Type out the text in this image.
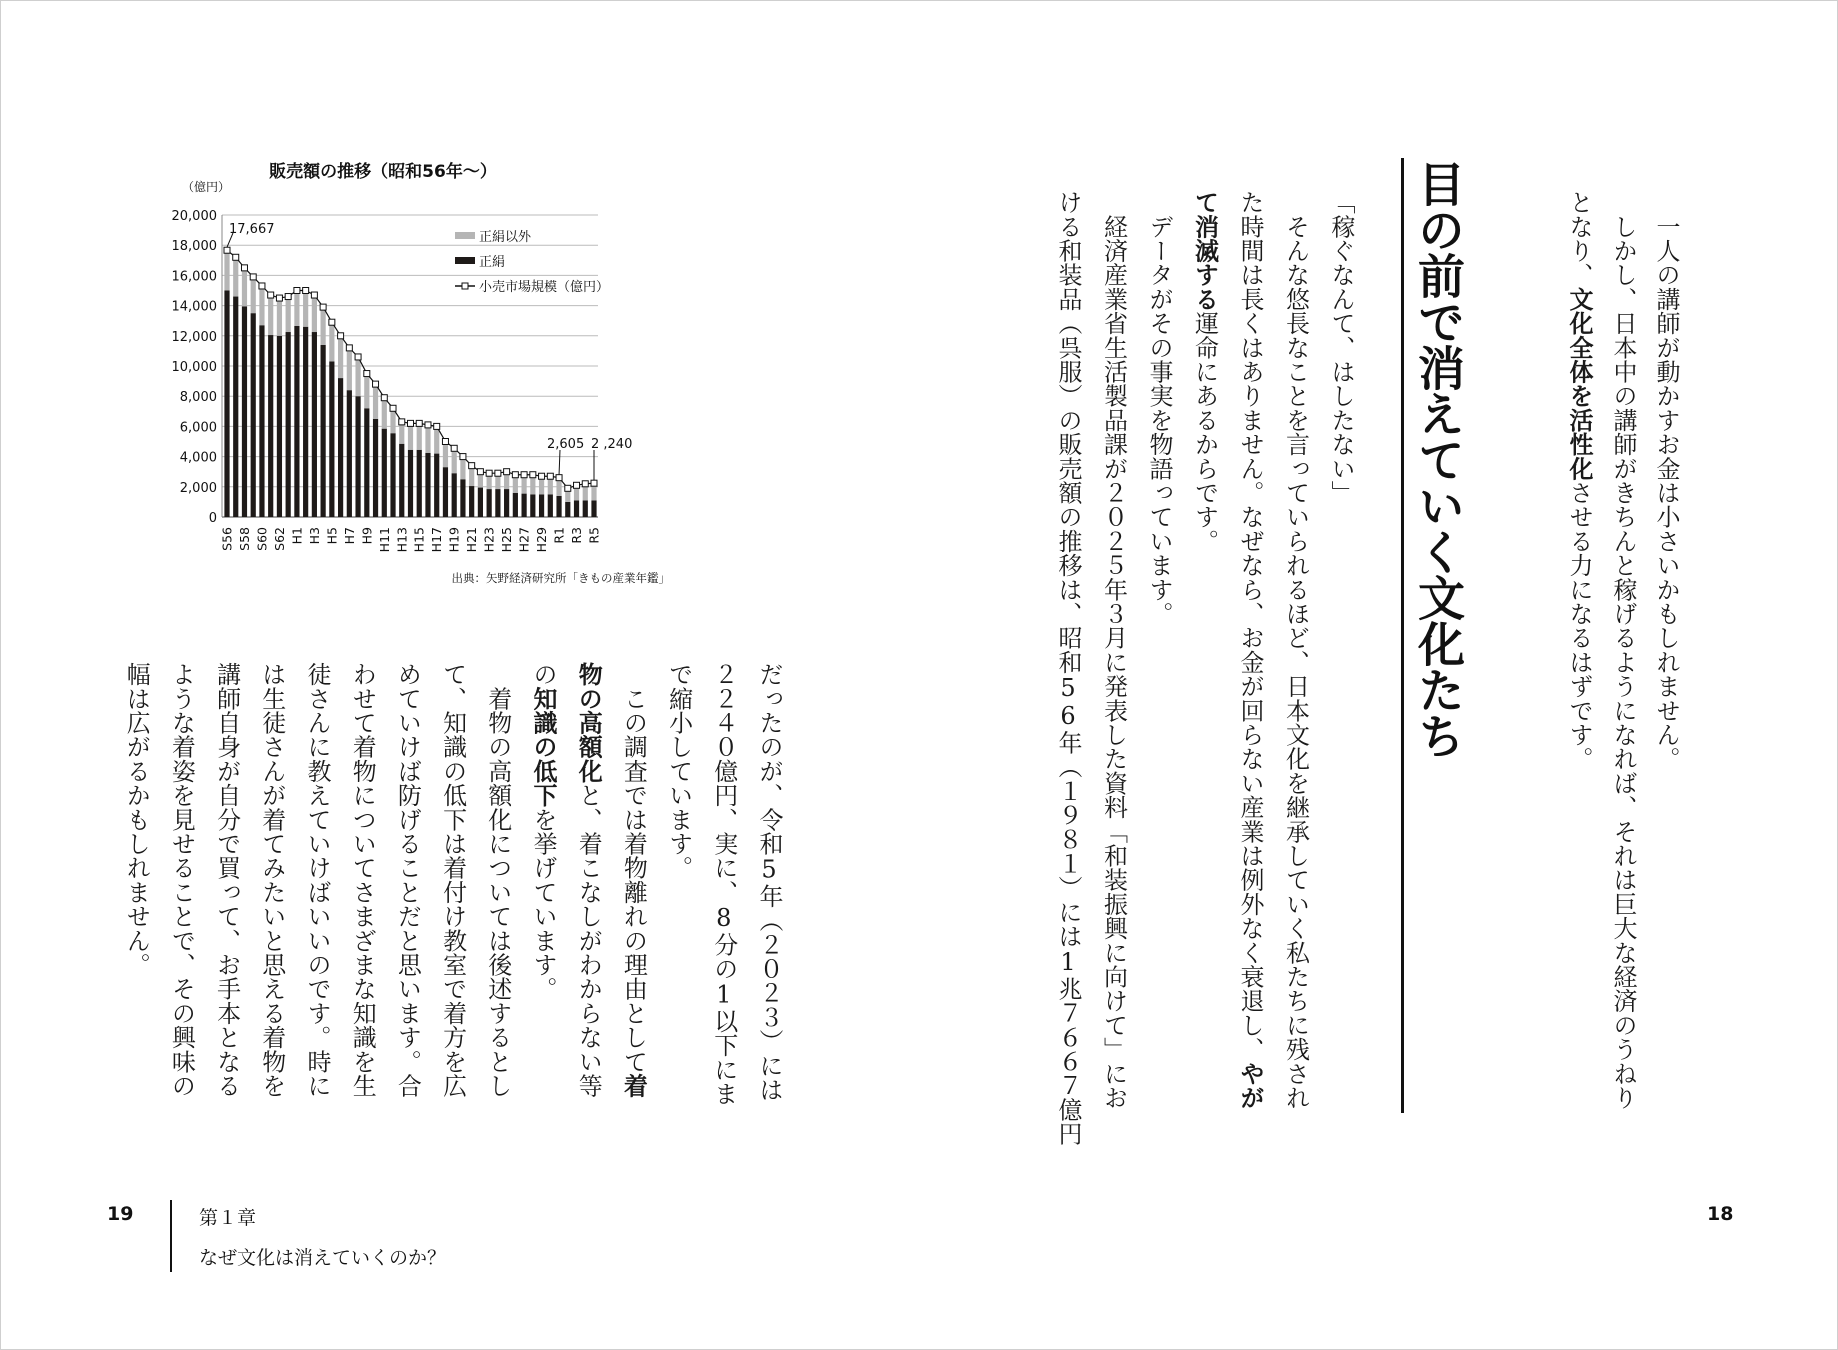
販売額の推移（昭和56年～）
（億円）
0
2,000
4,000
6,000
8,000
10,000
12,000
14,000
16,000
18,000
20,000
S56 S58 S60 S62 H1 H3 H5 H7 H9 H11 H13 H15 H17 H19 H21 H23 H25 H27 H29 R1 R3 R5
正絹以外
正絹
小売市場規模（億円）
17,667
2,605 2 ,240
出典：矢野経済研究所「きもの産業年鑑」
だったのが、令和5年（２０２３）には
２２４０億円、実に、8分の1以下にま
で縮小しています。
　この調査では着物離れの理由として着
物の高額化と、着こなしがわからない等
の知識の低下を挙げています。
　着物の高額化については後述するとし
て、知識の低下は着付け教室で着方を広
めていけば防げることだと思います。合
わせて着物についてさまざまな知識を生
徒さんに教えていけばいいのです。時に
は生徒さんが着てみたいと思える着物を
講師自身が自分で買って、お手本となる
ような着姿を見せることで、その興味の
幅は広がるかもしれません。
　一人の講師が動かすお金は小さいかもしれません。
　しかし、日本中の講師がきちんと稼げるようになれば、それは巨大な経済のうねり
となり、文化全体を活性化させる力になるはずです。
「稼ぐなんて、はしたない」
　そんな悠長なことを言っていられるほど、日本文化を継承していく私たちに残され
た時間は長くはありません。なぜなら、お金が回らない産業は例外なく衰退し、やが
て消滅する運命にあるからです。
　データがその事実を物語っています。
　経済産業省生活製品課が２０２５年３月に発表した資料「和装振興に向けて」にお
ける和装品（呉服）の販売額の推移は、昭和56年（１９８１）には1兆７６６７億円	目の前で消えていく文化たち
19	第１章
なぜ文化は消えていくのか？
18
